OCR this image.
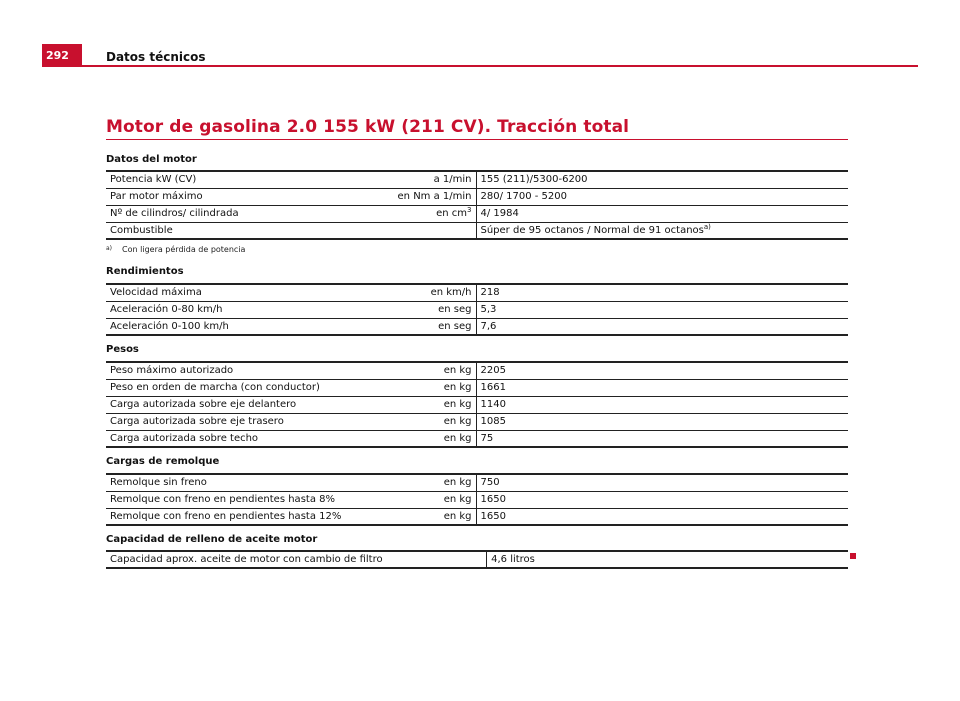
292	Datos técnicos
Motor de gasolina 2.0 155 kW (211 CV). Tracción total
Datos del motor
Potencia kW (CV)	a 1/min	155 (211)/5300-6200
Par motor máximo	en Nm a 1/min	280/ 1700 - 5200
Nº de cilindros/ cilindrada	en $cm^3$	4/ 1984
Combustible		Súper de 95 octanos / Normal de 91 octanos$^{a)}$
$^{a)}$ Con ligera pérdida de potencia
Rendimientos
Velocidad máxima	en km/h	218
Aceleración 0-80 km/h	en seg	5,3
Aceleración 0-100 km/h	en seg	7,6
Pesos
Peso máximo autorizado	en kg	2205
Peso en orden de marcha (con conductor)	en kg	1661
Carga autorizada sobre eje delantero	en kg	1140
Carga autorizada sobre eje trasero	en kg	1085
Carga autorizada sobre techo	en kg	75
Cargas de remolque
Remolque sin freno	en kg	750
Remolque con freno en pendientes hasta 8%	en kg	1650
Remolque con freno en pendientes hasta 12%	en kg	1650
Capacidad de relleno de aceite motor
Capacidad aprox. aceite de motor con cambio de filtro		4,6 litros
